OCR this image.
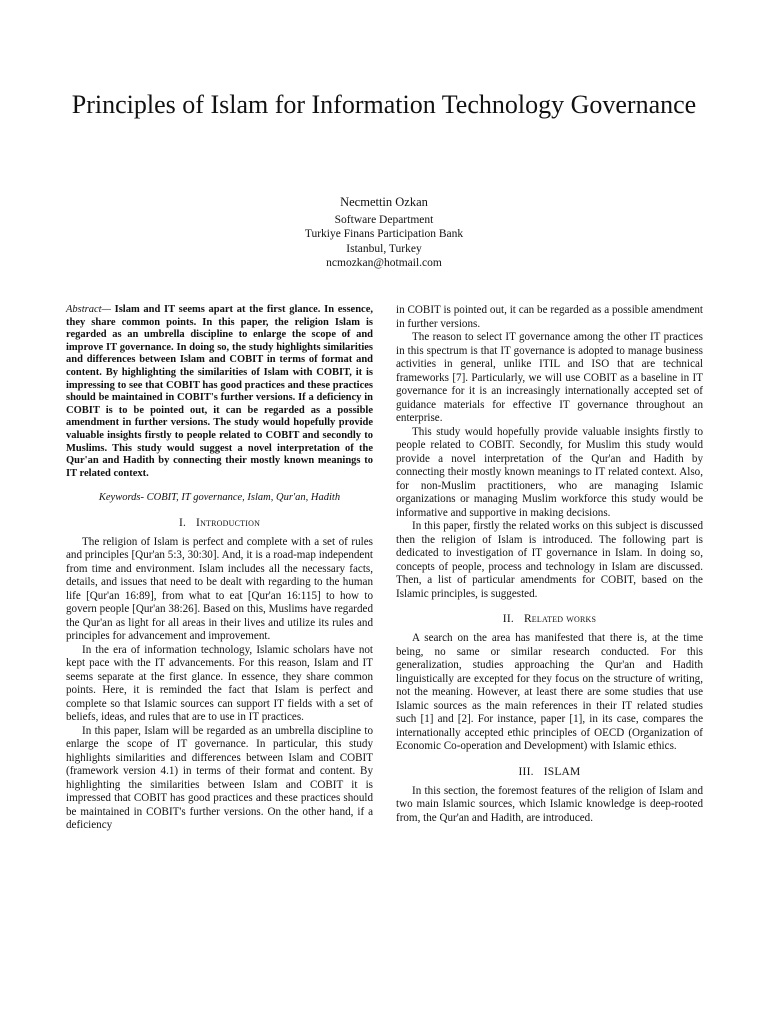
Principles of Islam for Information Technology Governance
Necmettin Ozkan
Software Department
Turkiye Finans Participation Bank
Istanbul, Turkey
ncmozkan@hotmail.com

Abstract— Islam and IT seems apart at the first glance. In essence, they share common points. In this paper, the religion Islam is regarded as an umbrella discipline to enlarge the scope of and improve IT governance. In doing so, the study highlights similarities and differences between Islam and COBIT in terms of format and content. By highlighting the similarities of Islam with COBIT, it is impressing to see that COBIT has good practices and these practices should be maintained in COBIT's further versions. If a deficiency in COBIT is to be pointed out, it can be regarded as a possible amendment in further versions. The study would hopefully provide valuable insights firstly to people related to COBIT and secondly to Muslims. This study would suggest a novel interpretation of the Qur'an and Hadith by connecting their mostly known meanings to IT related context.

Keywords- COBIT, IT governance, Islam, Qur'an, Hadith

I. Introduction

The religion of Islam is perfect and complete with a set of rules and principles [Qur'an 5:3, 30:30]. And, it is a road-map independent from time and environment. Islam includes all the necessary facts, details, and issues that need to be dealt with regarding to the human life [Qur'an 16:89], from what to eat [Qur'an 16:115] to how to govern people [Qur'an 38:26]. Based on this, Muslims have regarded the Qur'an as light for all areas in their lives and utilize its rules and principles for advancement and improvement.

In the era of information technology, Islamic scholars have not kept pace with the IT advancements. For this reason, Islam and IT seems separate at the first glance. In essence, they share common points. Here, it is reminded the fact that Islam is perfect and complete so that Islamic sources can support IT fields with a set of beliefs, ideas, and rules that are to use in IT practices.

In this paper, Islam will be regarded as an umbrella discipline to enlarge the scope of IT governance. In particular, this study highlights similarities and differences between Islam and COBIT (framework version 4.1) in terms of their format and content. By highlighting the similarities between Islam and COBIT it is impressed that COBIT has good practices and these practices should be maintained in COBIT's further versions. On the other hand, if a deficiency

in COBIT is pointed out, it can be regarded as a possible amendment in further versions.

The reason to select IT governance among the other IT practices in this spectrum is that IT governance is adopted to manage business activities in general, unlike ITIL and ISO that are technical frameworks [7]. Particularly, we will use COBIT as a baseline in IT governance for it is an increasingly internationally accepted set of guidance materials for effective IT governance throughout an enterprise.

This study would hopefully provide valuable insights firstly to people related to COBIT. Secondly, for Muslim this study would provide a novel interpretation of the Qur'an and Hadith by connecting their mostly known meanings to IT related context. Also, for non-Muslim practitioners, who are managing Islamic organizations or managing Muslim workforce this study would be informative and supportive in making decisions.

In this paper, firstly the related works on this subject is discussed then the religion of Islam is introduced. The following part is dedicated to investigation of IT governance in Islam. In doing so, concepts of people, process and technology in Islam are discussed. Then, a list of particular amendments for COBIT, based on the Islamic principles, is suggested.

II. Related works

A search on the area has manifested that there is, at the time being, no same or similar research conducted. For this generalization, studies approaching the Qur'an and Hadith linguistically are excepted for they focus on the structure of writing, not the meaning. However, at least there are some studies that use Islamic sources as the main references in their IT related studies such [1] and [2]. For instance, paper [1], in its case, compares the internationally accepted ethic principles of OECD (Organization of Economic Co-operation and Development) with Islamic ethics.

III. ISLAM

In this section, the foremost features of the religion of Islam and two main Islamic sources, which Islamic knowledge is deep-rooted from, the Qur'an and Hadith, are introduced.
